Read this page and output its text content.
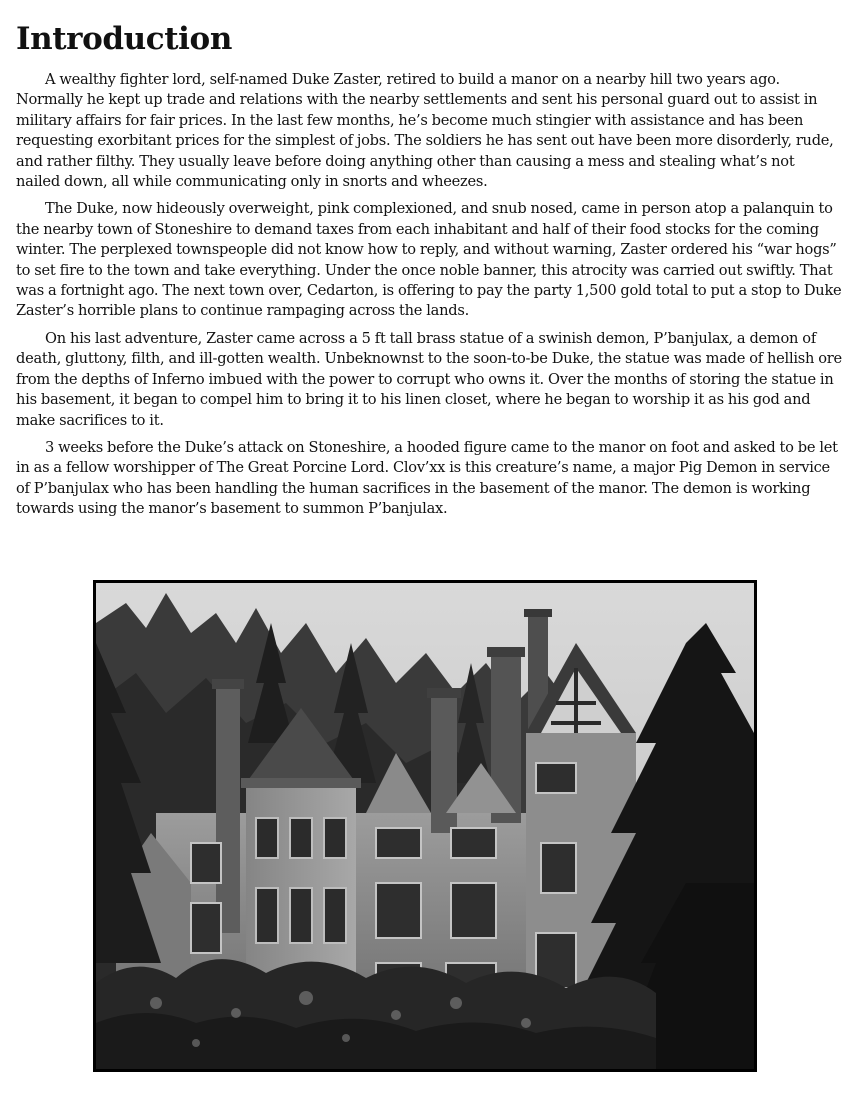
Introduction

A wealthy fighter lord, self-named Duke Zaster, retired to build a manor on a nearby hill two years ago. Normally he kept up trade and relations with the nearby settlements and sent his personal guard out to assist in military affairs for fair prices. In the last few months, he’s become much stingier with assistance and has been requesting exorbitant prices for the simplest of jobs. The soldiers he has sent out have been more disorderly, rude, and rather filthy. They usually leave before doing anything other than causing a mess and stealing what’s not nailed down, all while communicating only in snorts and wheezes.

The Duke, now hideously overweight, pink complexioned, and snub nosed, came in person atop a palanquin to the nearby town of Stoneshire to demand taxes from each inhabitant and half of their food stocks for the coming winter. The perplexed townspeople did not know how to reply, and without warning, Zaster ordered his “war hogs” to set fire to the town and take everything. Under the once noble banner, this atrocity was carried out swiftly. That was a fortnight ago. The next town over, Cedarton, is offering to pay the party 1,500 gold total to put a stop to Duke Zaster’s horrible plans to continue rampaging across the lands.

On his last adventure, Zaster came across a 5 ft tall brass statue of a swinish demon, P’banjulax, a demon of death, gluttony, filth, and ill-gotten wealth. Unbeknownst to the soon-to-be Duke, the statue was made of hellish ore from the depths of Inferno imbued with the power to corrupt who owns it. Over the months of storing the statue in his basement, it began to compel him to bring it to his linen closet, where he began to worship it as his god and make sacrifices to it.

3 weeks before the Duke’s attack on Stoneshire, a hooded figure came to the manor on foot and asked to be let in as a fellow worshipper of The Great Porcine Lord. Clov’xx is this creature’s name, a major Pig Demon in service of P’banjulax who has been handling the human sacrifices in the basement of the manor. The demon is working towards using the manor’s basement to summon P’banjulax.
